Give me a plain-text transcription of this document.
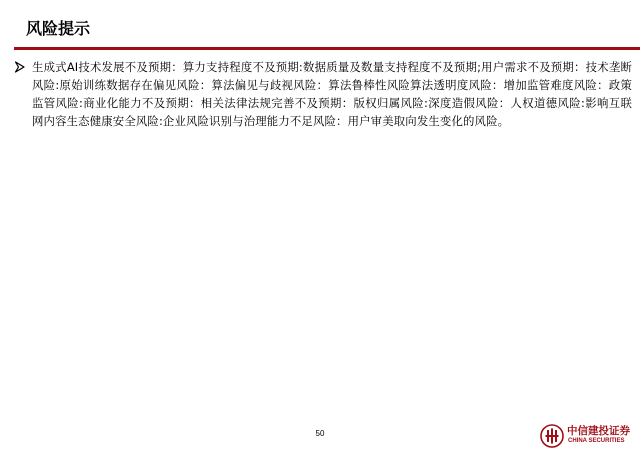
风险提示
生成式AI技术发展不及预期：算力支持程度不及预期:数据质量及数量支持程度不及预期;用户需求不及预期：技术垄断风险:原始训练数据存在偏见风险：算法偏见与歧视风险：算法鲁棒性风险算法透明度风险：增加监管难度风险：政策监管风险:商业化能力不及预期：相关法律法规完善不及预期：版权归属风险:深度造假风险：人权道德风险:影响互联网内容生态健康安全风险:企业风险识别与治理能力不足风险：用户审美取向发生变化的风险。
50	中信建投证券
CHINA SECURITIES
